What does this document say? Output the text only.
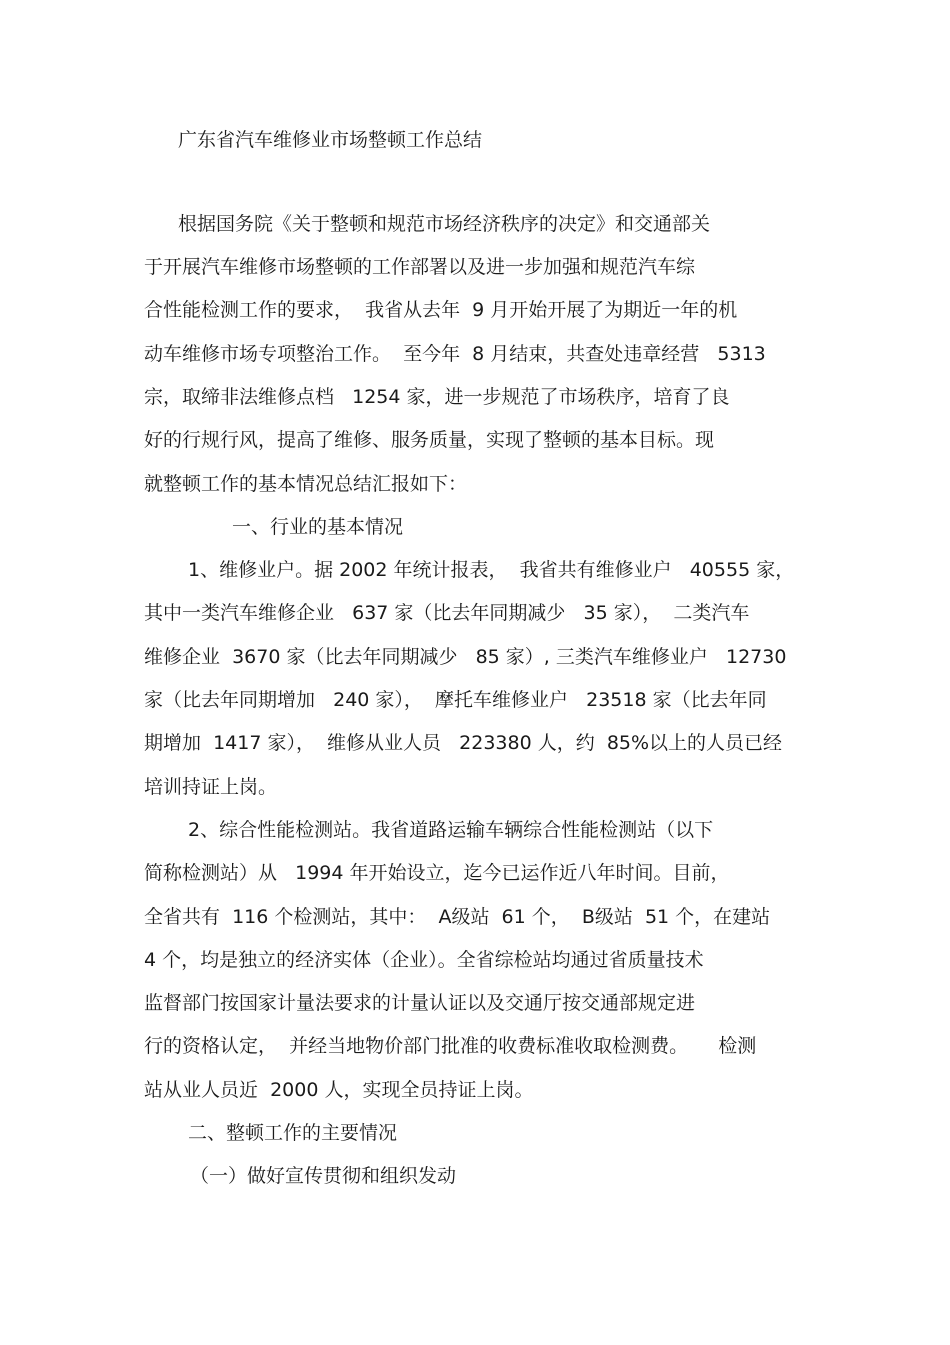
广东省汽车维修业市场整顿工作总结
根据国务院《关于整顿和规范市场经济秩序的决定》和交通部关
于开展汽车维修市场整顿的工作部署以及进一步加强和规范汽车综
合性能检测工作的要求，  我省从去年  9 月开始开展了为期近一年的机
动车维修市场专项整治工作。  至今年  8 月结束，共查处违章经营   5313
宗，取缔非法维修点档   1254 家，进一步规范了市场秩序，培育了良
好的行规行风，提高了维修、服务质量，实现了整顿的基本目标。现
就整顿工作的基本情况总结汇报如下：
一、行业的基本情况
1、维修业户。据 2002 年统计报表，  我省共有维修业户   40555 家，
其中一类汽车维修企业   637 家（比去年同期减少   35 家），  二类汽车
维修企业  3670 家（比去年同期减少   85 家）, 三类汽车维修业户   12730
家（比去年同期增加   240 家），  摩托车维修业户   23518 家（比去年同
期增加  1417 家），  维修从业人员   223380 人，约  85%以上的人员已经
培训持证上岗。
2、综合性能检测站。我省道路运输车辆综合性能检测站（以下
简称检测站）从   1994 年开始设立，迄今已运作近八年时间。目前，
全省共有  116 个检测站，其中：  A级站  61 个，  B级站  51 个，在建站
4 个，均是独立的经济实体（企业）。全省综检站均通过省质量技术
监督部门按国家计量法要求的计量认证以及交通厅按交通部规定进
行的资格认定，  并经当地物价部门批准的收费标准收取检测费。     检测
站从业人员近  2000 人，实现全员持证上岗。
二、整顿工作的主要情况
（一）做好宣传贯彻和组织发动
